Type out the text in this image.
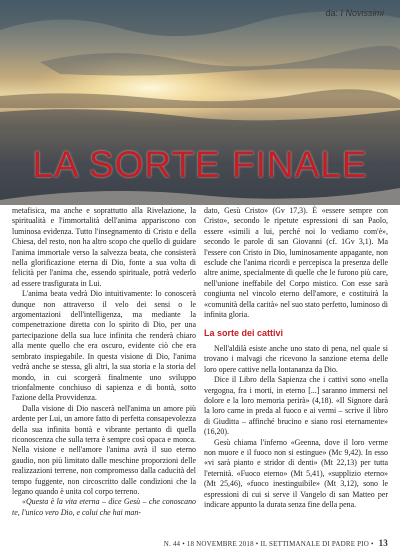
da: I Novissimi
LA SORTE FINALE

metafisica, ma anche e soprattutto alla Rivelazione, la spiritualità e l'immortalità dell'anima appariscono con luminosa evidenza. Tutto l'insegnamento di Cristo e della Chiesa, del resto, non ha altro scopo che quello di guidare l'anima immortale verso la salvezza beata, che consisterà nella glorificazione eterna di Dio, fonte a sua volta di felicità per l'anima che, essendo spirituale, potrà vederlo ad essere trasfigurata in Lui.

L'anima beata vedrà Dio intuitivamente: lo conoscerà dunque non attraverso il velo dei sensi o le argomentazioni dell'intelligenza, ma mediante la compenetrazione diretta con lo spirito di Dio, per una partecipazione della sua luce infinita che renderà chiaro alla mente quello che era oscuro, evidente ciò che era sembrato inspiegabile. In questa visione di Dio, l'anima vedrà anche se stessa, gli altri, la sua storia e la storia del mondo, in cui scorgerà finalmente uno sviluppo trionfalmente conchiuso di sapienza e di bontà, sotto l'azione della Provvidenza.

Dalla visione di Dio nascerà nell'anima un amore più ardente per Lui, un amore fatto di perfetta consapevolezza della sua infinita bontà e vibrante pertanto di quella riconoscenza che sulla terra è sempre così opaca e monca. Nella visione e nell'amore l'anima avrà il suo eterno gaudio, non più limitato dalle meschine proporzioni delle realizzazioni terrene, non compromesso dalla caducità del tempo fuggente, non circoscritto dalle condizioni che la legano quando è unita col corpo terreno.

«Questa è la vita eterna – dice Gesù – che conoscano te, l'unico vero Dio, e colui che hai man-

dato, Gesù Cristo» (Gv 17,3). È «essere sempre con Cristo», secondo le ripetute espressioni di san Paolo, essere «simili a lui, perché noi lo vediamo com'è», secondo le parole di san Giovanni (cf. 1Gv 3,1). Ma l'essere con Cristo in Dio, luminosamente appagante, non esclude che l'anima ricordi e percepisca la presenza delle altre anime, specialmente di quelle che le furono più care, nell'unione ineffabile del Corpo mistico. Con esse sarà congiunta nel vincolo eterno dell'amore, e costituirà la «comunità della carità» nel suo stato perfetto, luminoso di infinita gloria.

La sorte dei cattivi

Nell'aldilà esiste anche uno stato di pena, nel quale si trovano i malvagi che ricevono la sanzione eterna delle loro opere cattive nella lontananza da Dio.

Dice il Libro della Sapienza che i cattivi sono «nella vergogna, fra i morti, in eterno [...] saranno immersi nel dolore e la loro memoria perirà» (4,18). «Il Signore darà la loro carne in preda al fuoco e ai vermi – scrive il libro di Giuditta – affinché brucino e siano rosi eternamente» (16,20).

Gesù chiama l'inferno «Geenna, dove il loro verme non muore e il fuoco non si estingue» (Mc 9,42). In esso «vi sarà pianto e stridor di denti» (Mt 22,13) per tutta l'eternità. «Fuoco eterno» (Mt 5,41), «supplizio eterno» (Mt 25,46), «fuoco inestinguibile» (Mt 3,12), sono le espressioni di cui si serve il Vangelo di san Matteo per indicare appunto la durata senza fine della pena.

N. 44 • 18 NOVEMBRE 2018 • IL SETTIMANALE DI PADRE PIO • 13
